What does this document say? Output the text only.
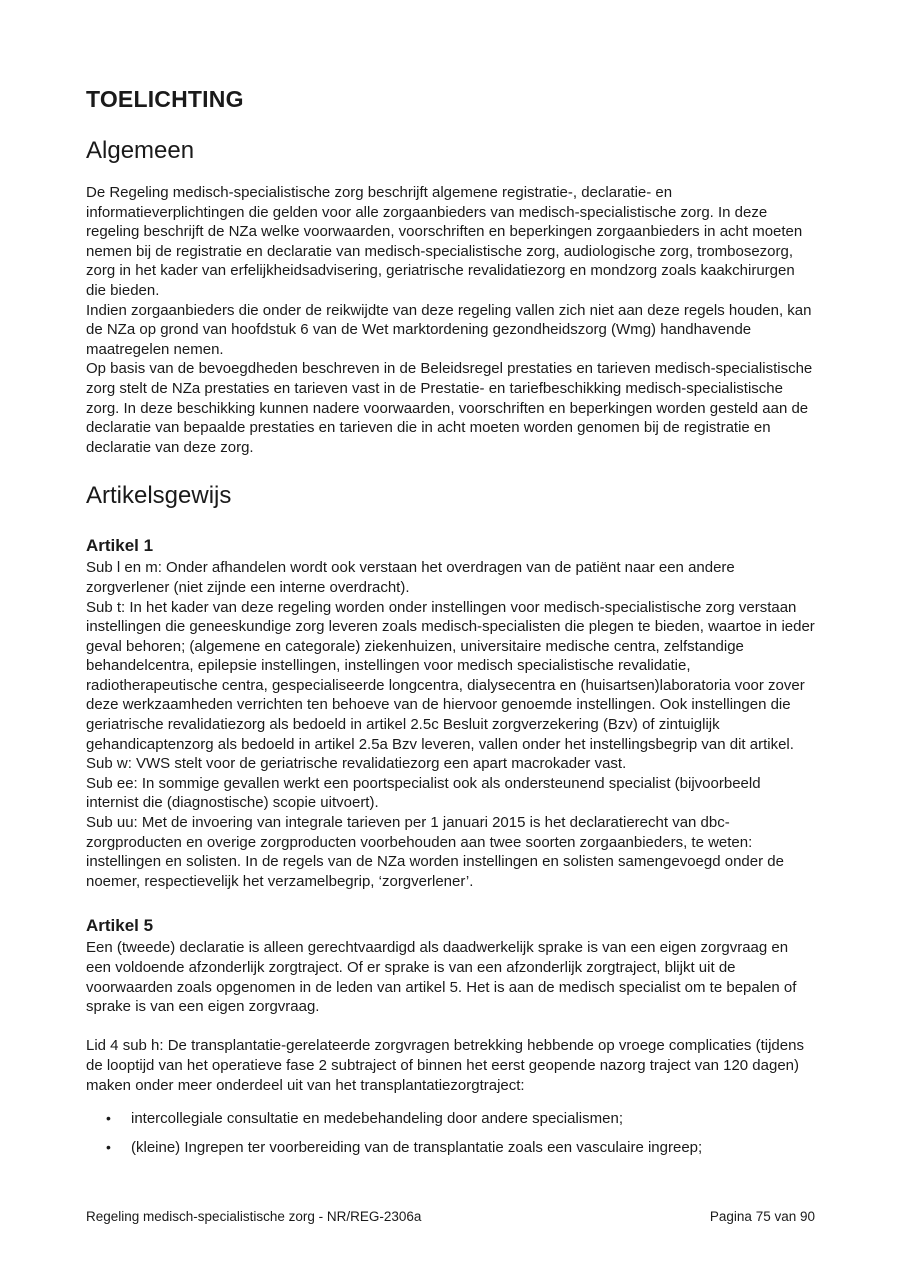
TOELICHTING
Algemeen

De Regeling medisch-specialistische zorg beschrijft algemene registratie-, declaratie- en informatieverplichtingen die gelden voor alle zorgaanbieders van medisch-specialistische zorg. In deze regeling beschrijft de NZa welke voorwaarden, voorschriften en beperkingen zorgaanbieders in acht moeten nemen bij de registratie en declaratie van medisch-specialistische zorg, audiologische zorg, trombosezorg, zorg in het kader van erfelijkheidsadvisering, geriatrische revalidatiezorg en mondzorg zoals kaakchirurgen die bieden.

Indien zorgaanbieders die onder de reikwijdte van deze regeling vallen zich niet aan deze regels houden, kan de NZa op grond van hoofdstuk 6 van de Wet marktordening gezondheidszorg (Wmg) handhavende maatregelen nemen.

Op basis van de bevoegdheden beschreven in de Beleidsregel prestaties en tarieven medisch-specialistische zorg stelt de NZa prestaties en tarieven vast in de Prestatie- en tariefbeschikking medisch-specialistische zorg. In deze beschikking kunnen nadere voorwaarden, voorschriften en beperkingen worden gesteld aan de declaratie van bepaalde prestaties en tarieven die in acht moeten worden genomen bij de registratie en declaratie van deze zorg.

Artikelsgewijs
Artikel 1

Sub l en m: Onder afhandelen wordt ook verstaan het overdragen van de patiënt naar een andere zorgverlener (niet zijnde een interne overdracht).

Sub t: In het kader van deze regeling worden onder instellingen voor medisch-specialistische zorg verstaan instellingen die geneeskundige zorg leveren zoals medisch-specialisten die plegen te bieden, waartoe in ieder geval behoren; (algemene en categorale) ziekenhuizen, universitaire medische centra, zelfstandige behandelcentra, epilepsie instellingen, instellingen voor medisch specialistische revalidatie, radiotherapeutische centra, gespecialiseerde longcentra, dialysecentra en (huisartsen)laboratoria voor zover deze werkzaamheden verrichten ten behoeve van de hiervoor genoemde instellingen. Ook instellingen die geriatrische revalidatiezorg als bedoeld in artikel 2.5c Besluit zorgverzekering (Bzv) of zintuiglijk gehandicaptenzorg als bedoeld in artikel 2.5a Bzv leveren, vallen onder het instellingsbegrip van dit artikel.

Sub w: VWS stelt voor de geriatrische revalidatiezorg een apart macrokader vast.

Sub ee: In sommige gevallen werkt een poortspecialist ook als ondersteunend specialist (bijvoorbeeld internist die (diagnostische) scopie uitvoert).

Sub uu: Met de invoering van integrale tarieven per 1 januari 2015 is het declaratierecht van dbc-zorgproducten en overige zorgproducten voorbehouden aan twee soorten zorgaanbieders, te weten: instellingen en solisten. In de regels van de NZa worden instellingen en solisten samengevoegd onder de noemer, respectievelijk het verzamelbegrip, ‘zorgverlener’.

Artikel 5

Een (tweede) declaratie is alleen gerechtvaardigd als daadwerkelijk sprake is van een eigen zorgvraag en een voldoende afzonderlijk zorgtraject. Of er sprake is van een afzonderlijk zorgtraject, blijkt uit de voorwaarden zoals opgenomen in de leden van artikel 5. Het is aan de medisch specialist om te bepalen of sprake is van een eigen zorgvraag.

Lid 4 sub h: De transplantatie-gerelateerde zorgvragen betrekking hebbende op vroege complicaties (tijdens de looptijd van het operatieve fase 2 subtraject of binnen het eerst geopende nazorg traject van 120 dagen) maken onder meer onderdeel uit van het transplantatiezorgtraject:

• intercollegiale consultatie en medebehandeling door andere specialismen;
• (kleine) Ingrepen ter voorbereiding van de transplantatie zoals een vasculaire ingreep;
Regeling medisch-specialistische zorg - NR/REG-2306a	Pagina 75 van 90
